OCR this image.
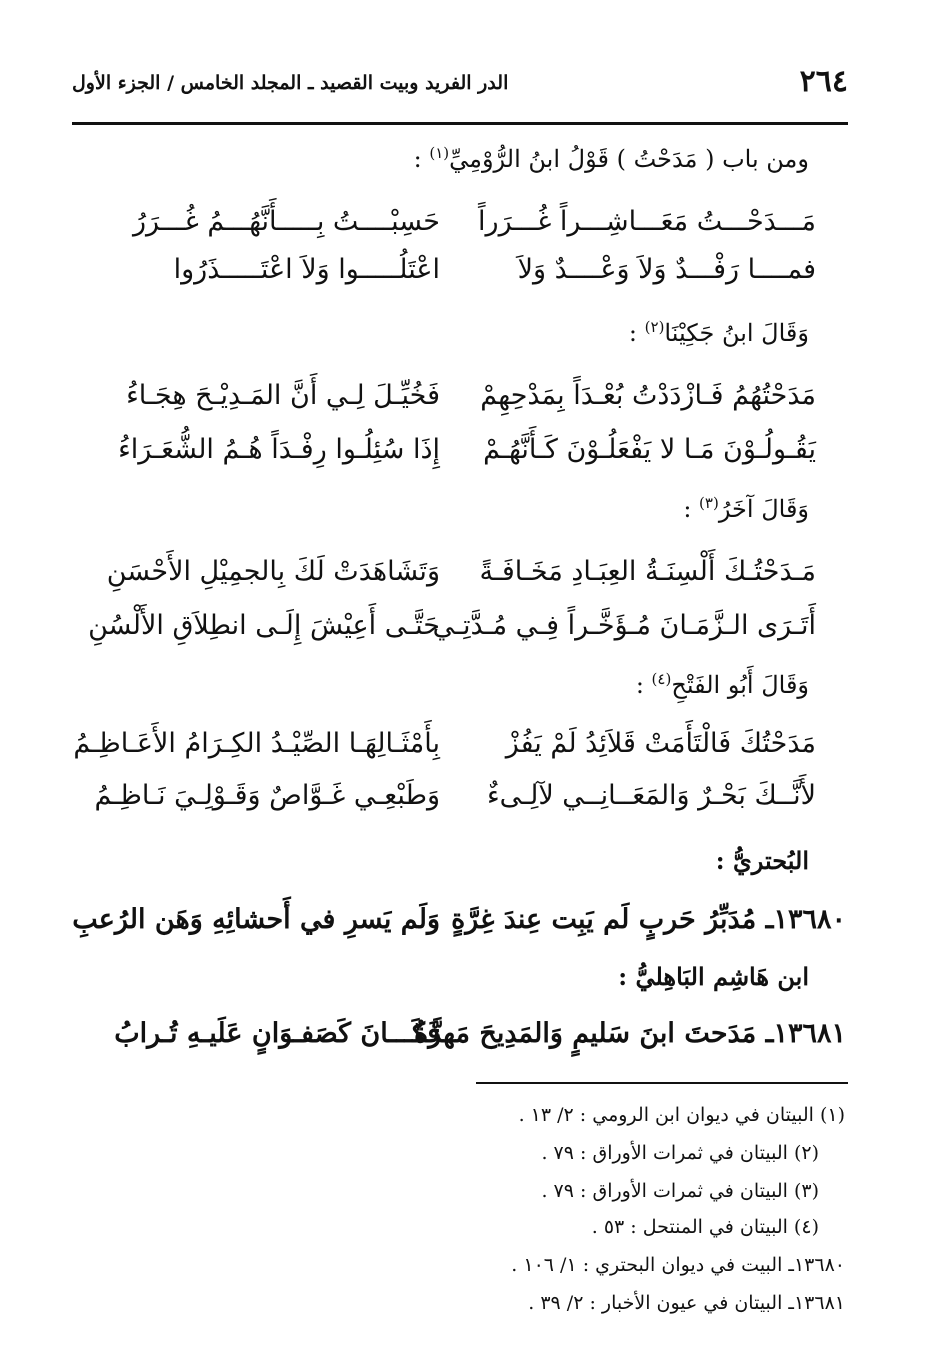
٢٦٤
الدر الفريد وبيت القصيد ـ المجلد الخامس / الجزء الأول
ومن باب ( مَدَحْتُ ) قَوْلُ ابنُ الرُّوْمِيِّ$^{(١)}$ :
مَـــدَحْـــتُ مَعَـــاشِـــراً غُـــرَراً
حَسِبْــــتُ بِـــــأَنَّهُـــمُ غُـــرَرُ
فمــــا رَفْـــدٌ وَلاَ وَعْــــدٌ وَلاَ
اعْتَلُـــــوا وَلاَ اعْتَـــــذَرُوا
وَقَالَ ابنُ جَكِيْنَا$^{(٢)}$ :
مَدَحْتُهُمُ فَـازْدَدْتُ بُعْـدَاً بِمَدْحِهِمْ
فَخُيِّـلَ لِـي أَنَّ المَـدِيْـحَ هِجَـاءُ
يَقُـولُـوْنَ مَـا لا يَفْعَلُـوْنَ كَـأَنَّهُـمْ
إِذَا سُئِلُـوا رِفْـدَاً هُـمُ الشُّعَـرَاءُ
وَقَالَ آخَرُ$^{(٣)}$ :
مَـدَحْتُـكَ أَلْسِنَـةُ العِبَـادِ مَخَـافَـةً
وَتَشَاهَدَتْ لَكَ بِالجمِيْلِ الأَحْسَنِ
أَتَـرَى الـزَّمَـانَ مُـؤَخَّـراً فِـي مُـدَّتِـي
حَتَّـى أَعِيْشَ إِلَـى انطِلاَقِ الأَلْسُنِ
وَقَالَ أَبُو الفَتْحِ$^{(٤)}$ :
مَدَحْتُكَ فَالْتَأَمَتْ قَلاَئِدُ لَمْ يَفُزْ
بِأَمْثَـالِهَـا الصِّيْـدُ الكِـرَامُ الأَعَـاظِـمُ
لأَنَّــكَ بَحْـرٌ وَالمَعَــانِــي لآلِـىءٌ
وَطَبْعِـي غَـوَّاصٌ وَقَـوْلِـيَ نَـاظِـمُ
البُحتريُّ :
١٣٦٨٠ـ مُدَبِّرُ حَربٍ لَم يَبِت عِندَ غِرَّةٍ
وَلَم يَسرِ في أَحشائِهِ وَهَن الرُعبِ
ابن هَاشِم البَاهِليُّ :
١٣٦٨١ـ مَدَحتَ ابنَ سَليمٍ وَالمَدِيحَ مَهزَّةٌ
فَكَـــانَ كَصَفـوَانٍ عَلَيـهِ تُـرابُ
(١) البيتان في ديوان ابن الرومي : ٢/ ١٣ .
(٢) البيتان في ثمرات الأوراق : ٧٩ .
(٣) البيتان في ثمرات الأوراق : ٧٩ .
(٤) البيتان في المنتحل : ٥٣ .
١٣٦٨٠ـ البيت في ديوان البحتري : ١/ ١٠٦ .
١٣٦٨١ـ البيتان في عيون الأخبار : ٢/ ٣٩ .
